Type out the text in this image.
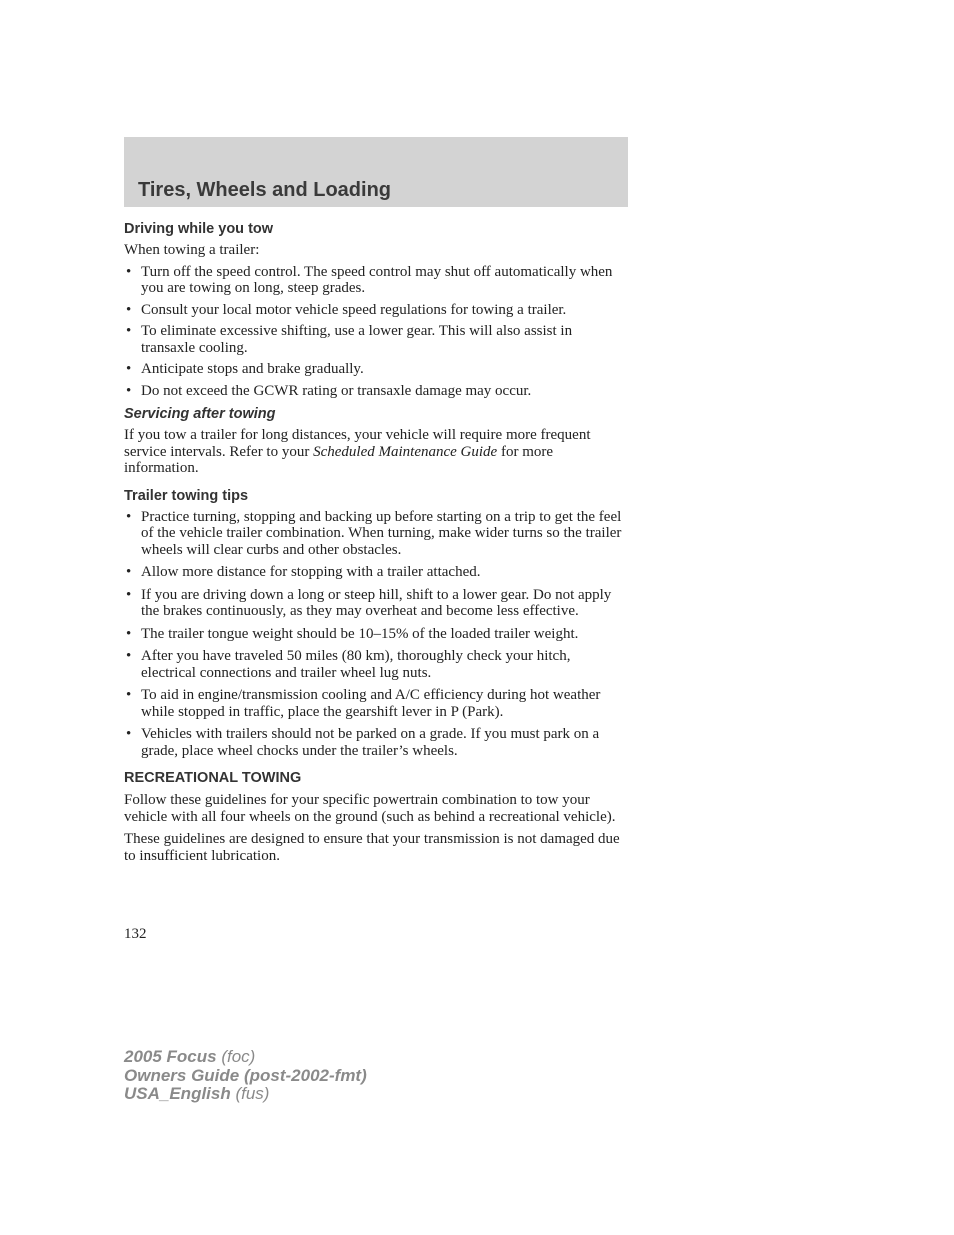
Tires, Wheels and Loading
Driving while you tow

When towing a trailer:

• Turn off the speed control. The speed control may shut off automatically when you are towing on long, steep grades.
• Consult your local motor vehicle speed regulations for towing a trailer.
• To eliminate excessive shifting, use a lower gear. This will also assist in transaxle cooling.
• Anticipate stops and brake gradually.
• Do not exceed the GCWR rating or transaxle damage may occur.
Servicing after towing

If you tow a trailer for long distances, your vehicle will require more frequent service intervals. Refer to your Scheduled Maintenance Guide for more information.

Trailer towing tips
• Practice turning, stopping and backing up before starting on a trip to get the feel of the vehicle trailer combination. When turning, make wider turns so the trailer wheels will clear curbs and other obstacles.
• Allow more distance for stopping with a trailer attached.
• If you are driving down a long or steep hill, shift to a lower gear. Do not apply the brakes continuously, as they may overheat and become less effective.
• The trailer tongue weight should be 10–15% of the loaded trailer weight.
• After you have traveled 50 miles (80 km), thoroughly check your hitch, electrical connections and trailer wheel lug nuts.
• To aid in engine/transmission cooling and A/C efficiency during hot weather while stopped in traffic, place the gearshift lever in P (Park).
• Vehicles with trailers should not be parked on a grade. If you must park on a grade, place wheel chocks under the trailer’s wheels.
RECREATIONAL TOWING

Follow these guidelines for your specific powertrain combination to tow your vehicle with all four wheels on the ground (such as behind a recreational vehicle).

These guidelines are designed to ensure that your transmission is not damaged due to insufficient lubrication.

132
2005 Focus (foc)
Owners Guide (post-2002-fmt)
USA_English (fus)
